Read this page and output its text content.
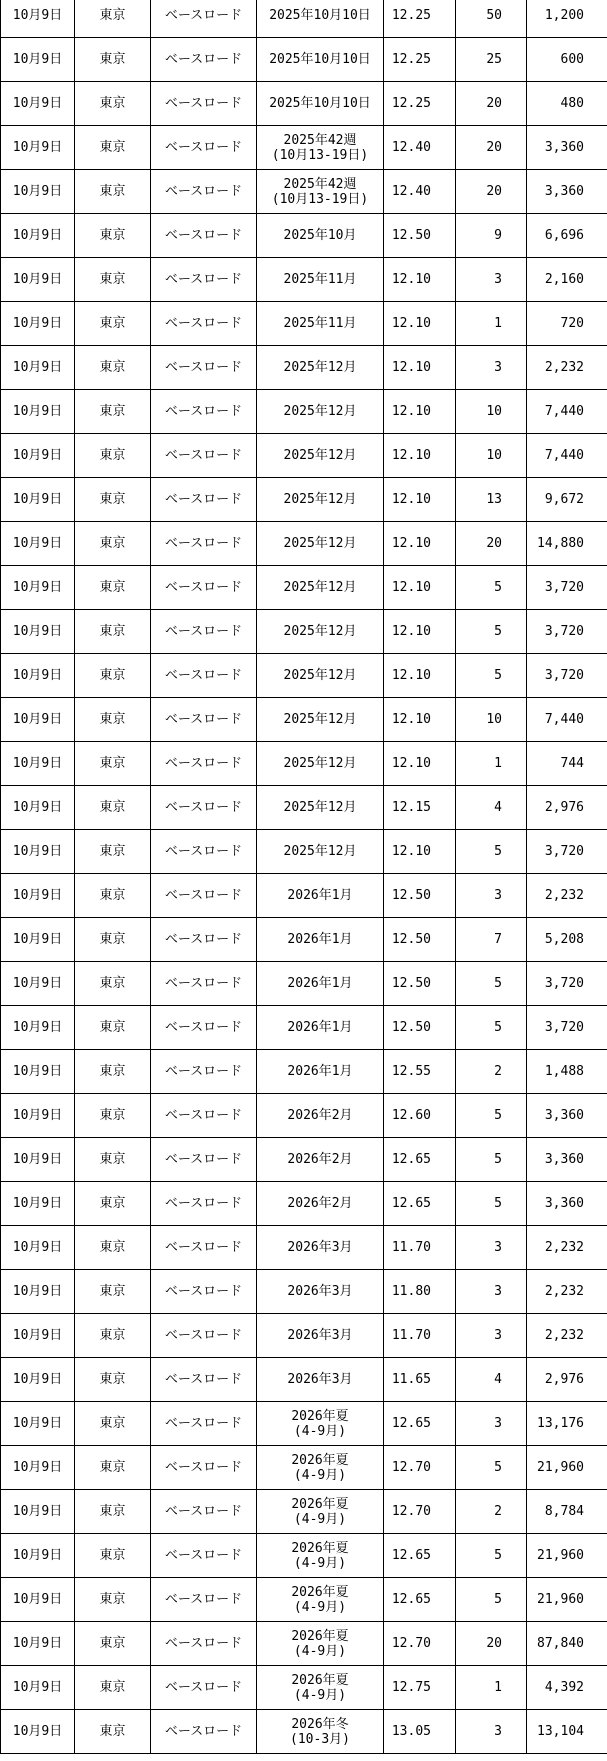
10月9日	東京	ベースロード	2025年10月10日	12.25	50	1,200
10月9日	東京	ベースロード	2025年10月10日	12.25	25	600
10月9日	東京	ベースロード	2025年10月10日	12.25	20	480
10月9日	東京	ベースロード	2025年42週
(10月13-19日)	12.40	20	3,360
10月9日	東京	ベースロード	2025年42週
(10月13-19日)	12.40	20	3,360
10月9日	東京	ベースロード	2025年10月	12.50	9	6,696
10月9日	東京	ベースロード	2025年11月	12.10	3	2,160
10月9日	東京	ベースロード	2025年11月	12.10	1	720
10月9日	東京	ベースロード	2025年12月	12.10	3	2,232
10月9日	東京	ベースロード	2025年12月	12.10	10	7,440
10月9日	東京	ベースロード	2025年12月	12.10	10	7,440
10月9日	東京	ベースロード	2025年12月	12.10	13	9,672
10月9日	東京	ベースロード	2025年12月	12.10	20	14,880
10月9日	東京	ベースロード	2025年12月	12.10	5	3,720
10月9日	東京	ベースロード	2025年12月	12.10	5	3,720
10月9日	東京	ベースロード	2025年12月	12.10	5	3,720
10月9日	東京	ベースロード	2025年12月	12.10	10	7,440
10月9日	東京	ベースロード	2025年12月	12.10	1	744
10月9日	東京	ベースロード	2025年12月	12.15	4	2,976
10月9日	東京	ベースロード	2025年12月	12.10	5	3,720
10月9日	東京	ベースロード	2026年1月	12.50	3	2,232
10月9日	東京	ベースロード	2026年1月	12.50	7	5,208
10月9日	東京	ベースロード	2026年1月	12.50	5	3,720
10月9日	東京	ベースロード	2026年1月	12.50	5	3,720
10月9日	東京	ベースロード	2026年1月	12.55	2	1,488
10月9日	東京	ベースロード	2026年2月	12.60	5	3,360
10月9日	東京	ベースロード	2026年2月	12.65	5	3,360
10月9日	東京	ベースロード	2026年2月	12.65	5	3,360
10月9日	東京	ベースロード	2026年3月	11.70	3	2,232
10月9日	東京	ベースロード	2026年3月	11.80	3	2,232
10月9日	東京	ベースロード	2026年3月	11.70	3	2,232
10月9日	東京	ベースロード	2026年3月	11.65	4	2,976
10月9日	東京	ベースロード	2026年夏
(4-9月)	12.65	3	13,176
10月9日	東京	ベースロード	2026年夏
(4-9月)	12.70	5	21,960
10月9日	東京	ベースロード	2026年夏
(4-9月)	12.70	2	8,784
10月9日	東京	ベースロード	2026年夏
(4-9月)	12.65	5	21,960
10月9日	東京	ベースロード	2026年夏
(4-9月)	12.65	5	21,960
10月9日	東京	ベースロード	2026年夏
(4-9月)	12.70	20	87,840
10月9日	東京	ベースロード	2026年夏
(4-9月)	12.75	1	4,392
10月9日	東京	ベースロード	2026年冬
(10-3月)	13.05	3	13,104
